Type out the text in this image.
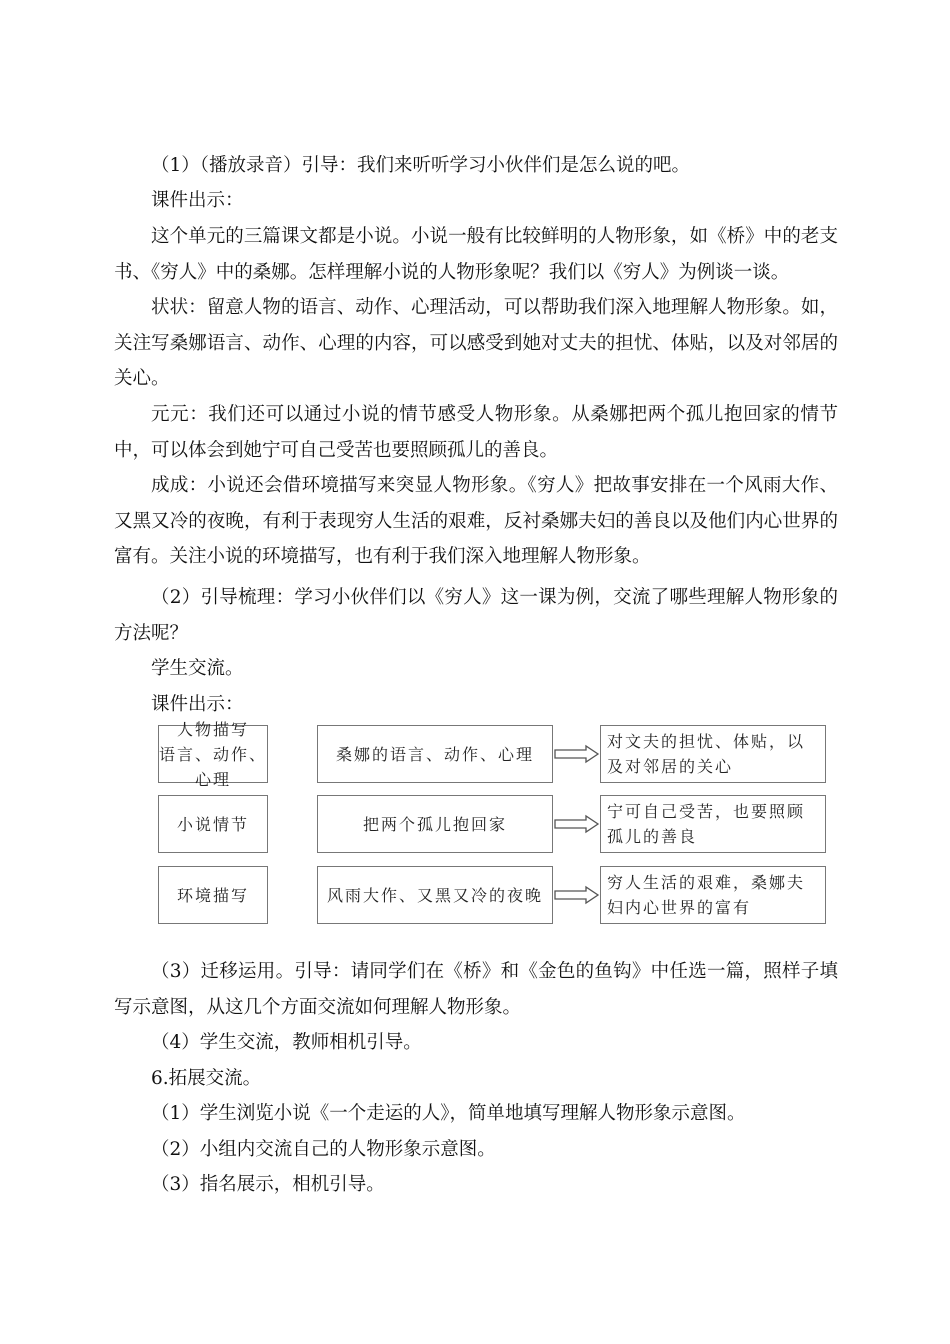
（1）（播放录音）引导：我们来听听学习小伙伴们是怎么说的吧。

课件出示：

这个单元的三篇课文都是小说。小说一般有比较鲜明的人物形象，如《桥》中的老支书、《穷人》中的桑娜。怎样理解小说的人物形象呢？我们以《穷人》为例谈一谈。

状状：留意人物的语言、动作、心理活动，可以帮助我们深入地理解人物形象。如，关注写桑娜语言、动作、心理的内容，可以感受到她对丈夫的担忧、体贴，以及对邻居的关心。

元元：我们还可以通过小说的情节感受人物形象。从桑娜把两个孤儿抱回家的情节中，可以体会到她宁可自己受苦也要照顾孤儿的善良。

成成：小说还会借环境描写来突显人物形象。《穷人》把故事安排在一个风雨大作、又黑又冷的夜晚，有利于表现穷人生活的艰难，反衬桑娜夫妇的善良以及他们内心世界的富有。关注小说的环境描写，也有利于我们深入地理解人物形象。

（2）引导梳理：学习小伙伴们以《穷人》这一课为例，交流了哪些理解人物形象的方法呢？

学生交流。

课件出示：

人物描写
语言、动作、心理
桑娜的语言、动作、心理
对文夫的担忧、体贴，以及对邻居的关心
小说情节	把两个孤儿抱回家
宁可自己受苦，也要照顾孤儿的善良
环境描写	风雨大作、又黑又冷的夜晚
穷人生活的艰难，桑娜夫妇内心世界的富有

（3）迁移运用。引导：请同学们在《桥》和《金色的鱼钩》中任选一篇，照样子填写示意图，从这几个方面交流如何理解人物形象。

（4）学生交流，教师相机引导。

6.拓展交流。

（1）学生浏览小说《一个走运的人》，简单地填写理解人物形象示意图。

（2）小组内交流自己的人物形象示意图。

（3）指名展示，相机引导。
